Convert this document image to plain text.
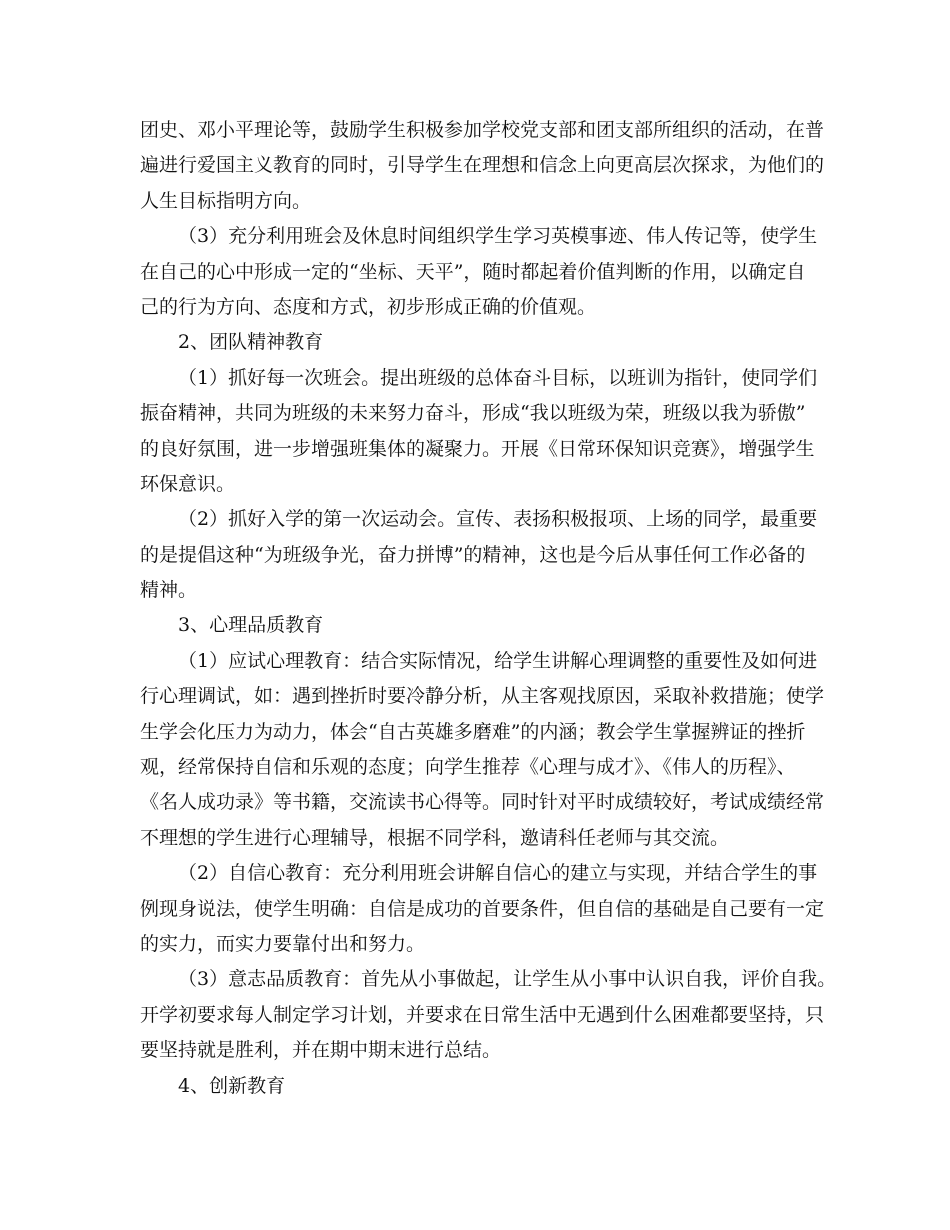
团史、邓小平理论等，鼓励学生积极参加学校党支部和团支部所组织的活动，在普
遍进行爱国主义教育的同时，引导学生在理想和信念上向更高层次探求，为他们的
人生目标指明方向。
（3）充分利用班会及休息时间组织学生学习英模事迹、伟人传记等，使学生
在自己的心中形成一定的“坐标、天平”，随时都起着价值判断的作用，以确定自
己的行为方向、态度和方式，初步形成正确的价值观。
2、团队精神教育
（1）抓好每一次班会。提出班级的总体奋斗目标，以班训为指针，使同学们
振奋精神，共同为班级的未来努力奋斗，形成“我以班级为荣，班级以我为骄傲”
的良好氛围，进一步增强班集体的凝聚力。开展《日常环保知识竞赛》，增强学生
环保意识。
（2）抓好入学的第一次运动会。宣传、表扬积极报项、上场的同学，最重要
的是提倡这种“为班级争光，奋力拼博”的精神，这也是今后从事任何工作必备的
精神。
3、心理品质教育
（1）应试心理教育：结合实际情况，给学生讲解心理调整的重要性及如何进
行心理调试，如：遇到挫折时要冷静分析，从主客观找原因，采取补救措施；使学
生学会化压力为动力，体会“自古英雄多磨难”的内涵；教会学生掌握辨证的挫折
观，经常保持自信和乐观的态度；向学生推荐《心理与成才》、《伟人的历程》、
《名人成功录》等书籍，交流读书心得等。同时针对平时成绩较好，考试成绩经常
不理想的学生进行心理辅导，根据不同学科，邀请科任老师与其交流。
（2）自信心教育：充分利用班会讲解自信心的建立与实现，并结合学生的事
例现身说法，使学生明确：自信是成功的首要条件，但自信的基础是自己要有一定
的实力，而实力要靠付出和努力。
（3）意志品质教育：首先从小事做起，让学生从小事中认识自我，评价自我。
开学初要求每人制定学习计划，并要求在日常生活中无遇到什么困难都要坚持，只
要坚持就是胜利，并在期中期末进行总结。
4、创新教育
